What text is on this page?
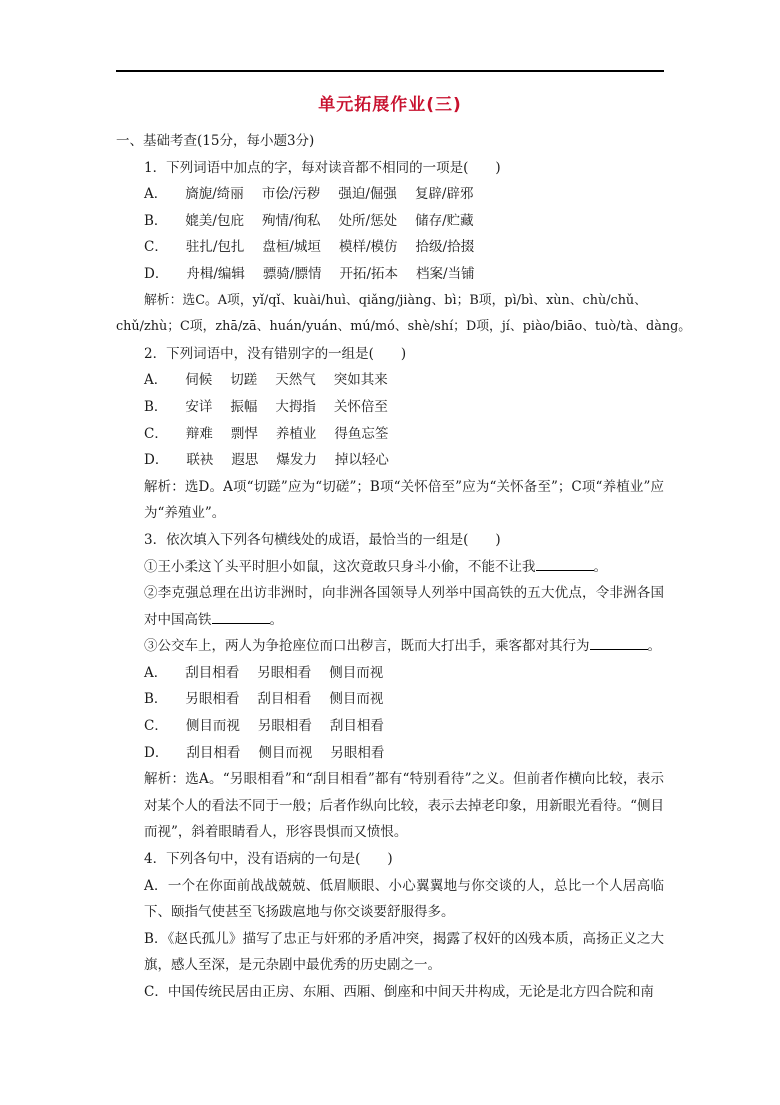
单元拓展作业(三)

一、基础考查(15分，每小题3分)

1．下列词语中加点的字，每对读音都不相同的一项是(　　)

A． 旖旎/绮丽 市侩/污秽 强迫/倔强 复辟/辟邪

B． 媲美/包庇 殉情/徇私 处所/惩处 储存/贮藏

C． 驻扎/包扎 盘桓/城垣 模样/模仿 拾级/拾掇

D． 舟楫/编辑 骠骑/膘情 开拓/拓本 档案/当铺

解析：选C。A项，yǐ/qǐ、kuài/huì、qiǎng/jiàng、bì；B项，pì/bì、xùn、chù/chǔ、

chǔ/zhù；C项，zhā/zā、huán/yuán、mú/mó、shè/shí；D项，jí、piào/biāo、tuò/tà、dàng。

2．下列词语中，没有错别字的一组是(　　)

A． 伺候 切蹉 天然气 突如其来

B． 安详 振幅 大拇指 关怀倍至

C． 辩难 剽悍 养植业 得鱼忘筌

D． 联袂 遐思 爆发力 掉以轻心

解析：选D。A项“切蹉”应为“切磋”；B项“关怀倍至”应为“关怀备至”；C项“养植业”应为“养殖业”。

3．依次填入下列各句横线处的成语，最恰当的一组是(　　)

①王小柔这丫头平时胆小如鼠，这次竟敢只身斗小偷，不能不让我	。

②李克强总理在出访非洲时，向非洲各国领导人列举中国高铁的五大优点，令非洲各国对中国高铁	。

③公交车上，两人为争抢座位而口出秽言，既而大打出手，乘客都对其行为	。

A． 刮目相看 另眼相看 侧目而视

B． 另眼相看 刮目相看 侧目而视

C． 侧目而视 另眼相看 刮目相看

D． 刮目相看 侧目而视 另眼相看

解析：选A。“另眼相看”和“刮目相看”都有“特别看待”之义。但前者作横向比较，表示对某个人的看法不同于一般；后者作纵向比较，表示去掉老印象，用新眼光看待。“侧目而视”，斜着眼睛看人，形容畏惧而又愤恨。

4．下列各句中，没有语病的一句是(　　)

A．一个在你面前战战兢兢、低眉顺眼、小心翼翼地与你交谈的人，总比一个人居高临下、颐指气使甚至飞扬跋扈地与你交谈要舒服得多。

B．《赵氏孤儿》描写了忠正与奸邪的矛盾冲突，揭露了权奸的凶残本质，高扬正义之大旗，感人至深，是元杂剧中最优秀的历史剧之一。

C．中国传统民居由正房、东厢、西厢、倒座和中间天井构成，无论是北方四合院和南
